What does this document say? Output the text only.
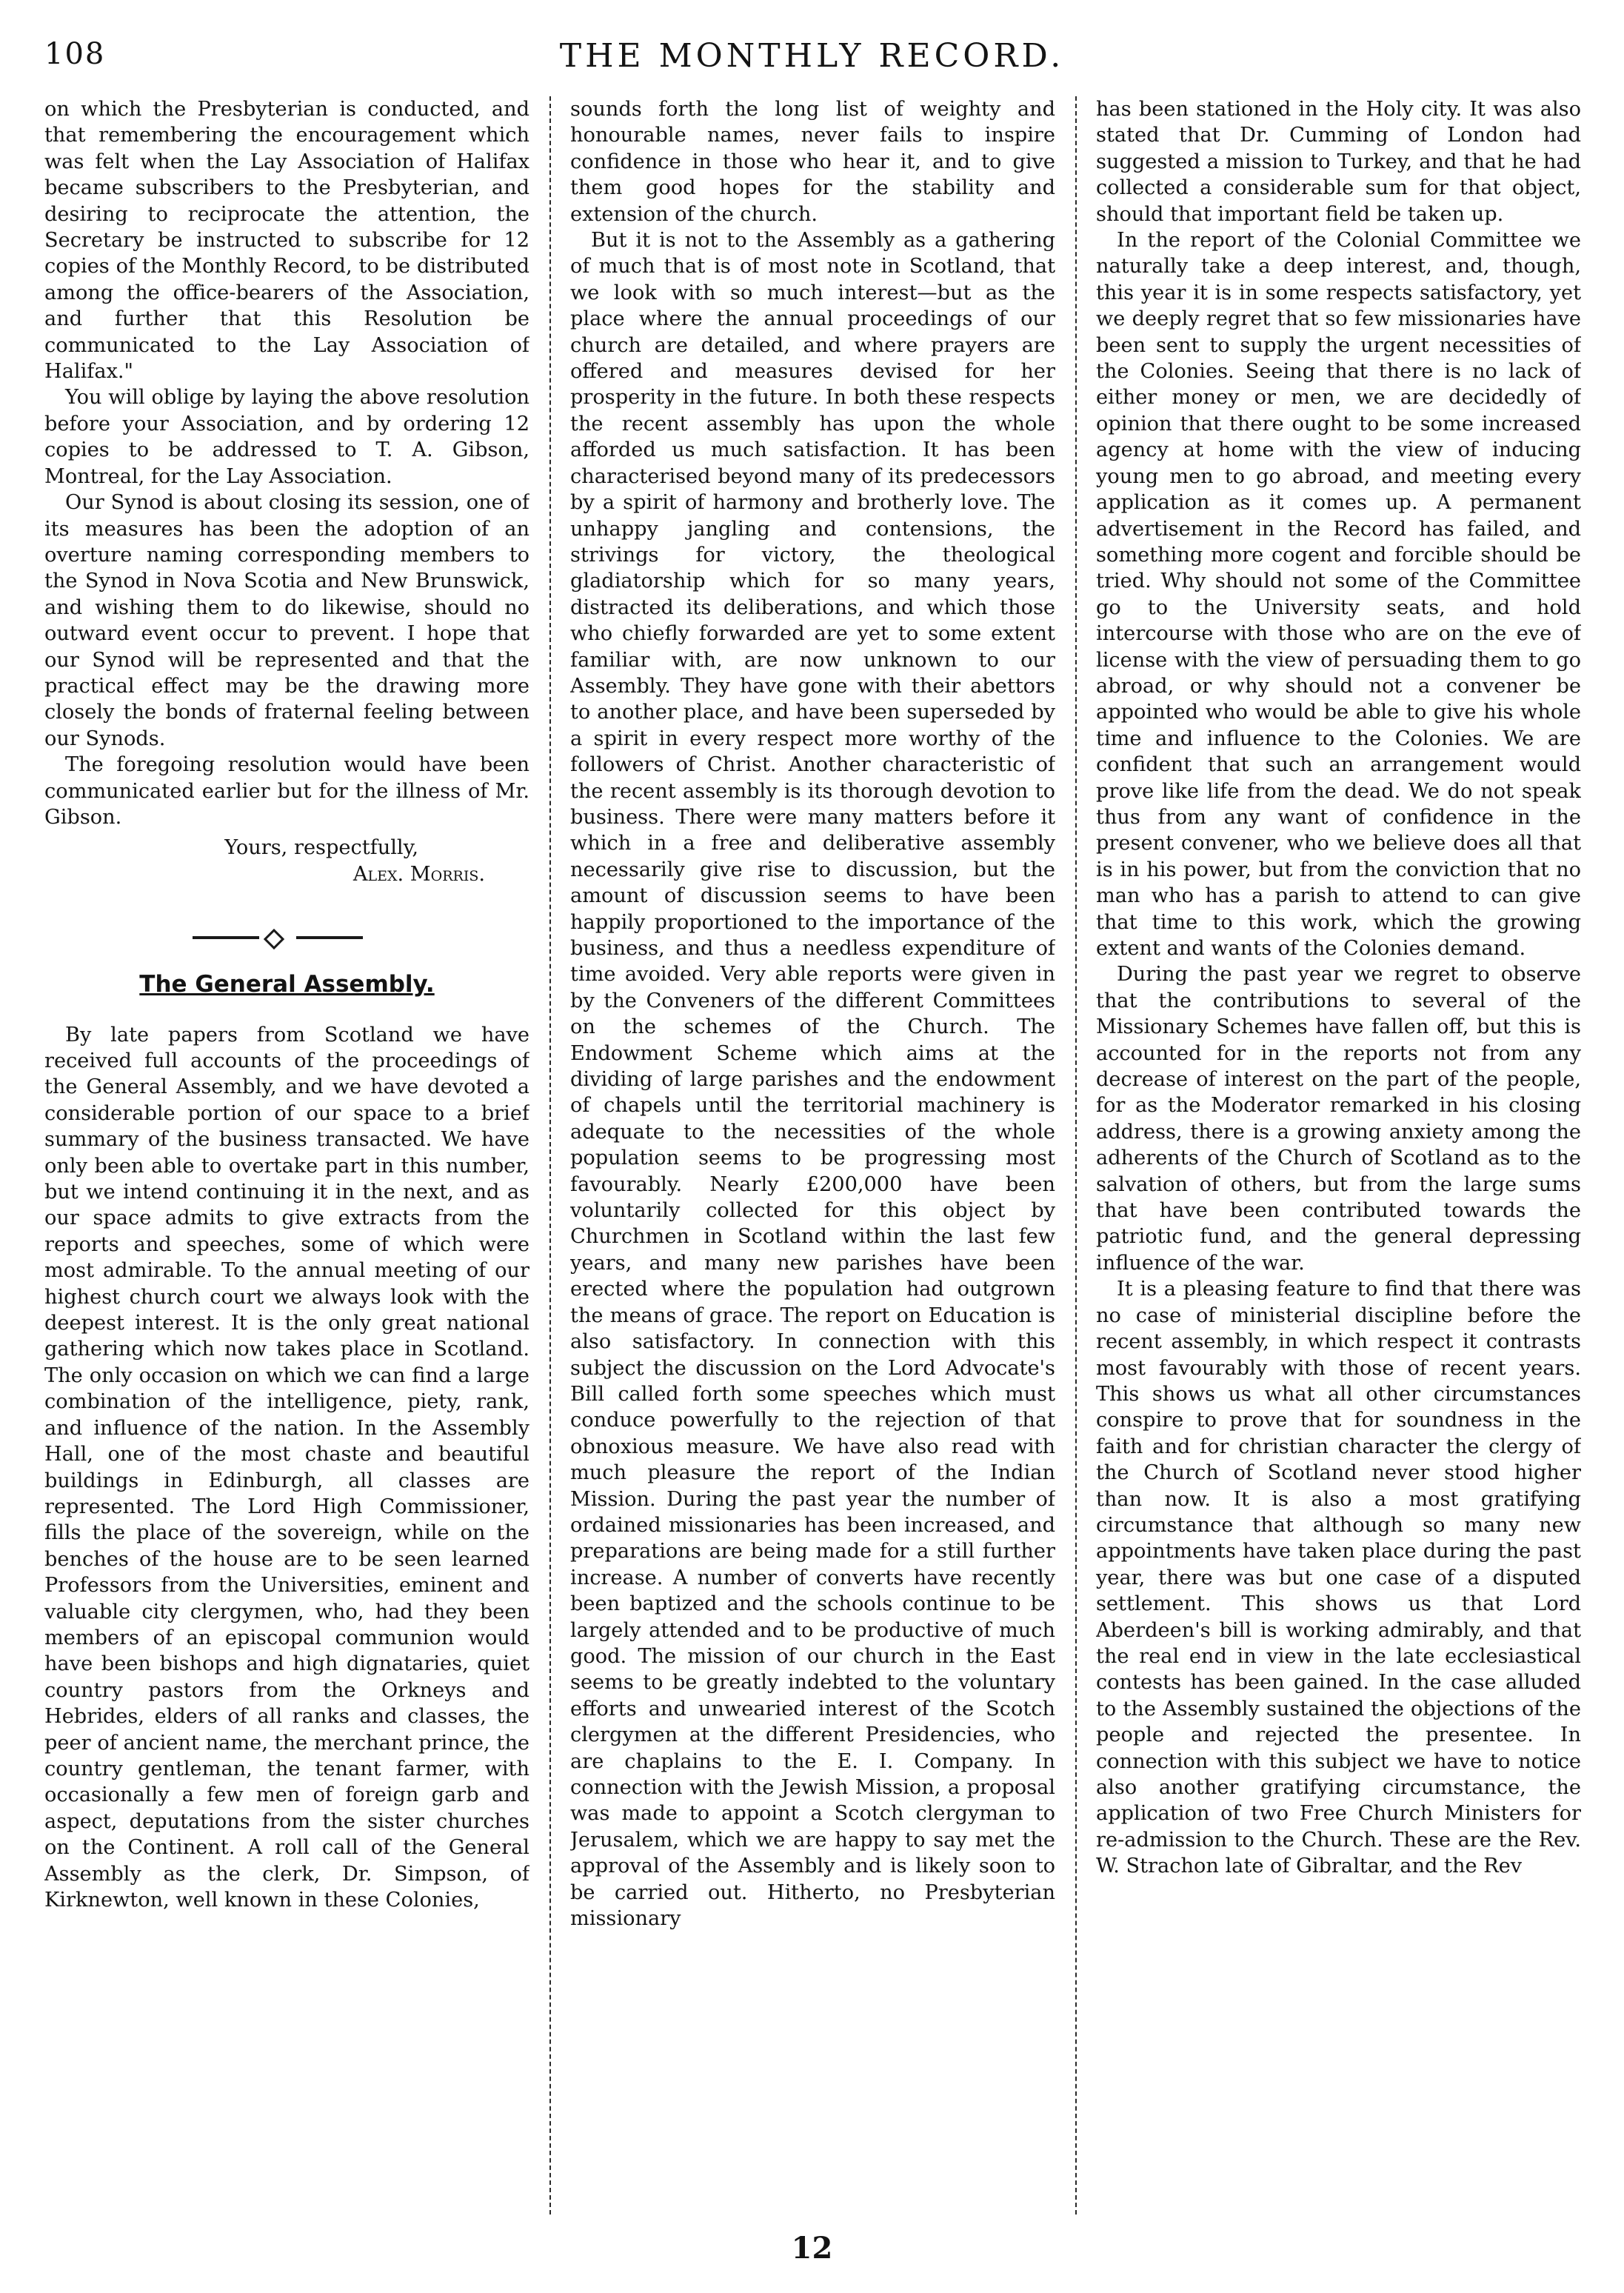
108	THE MONTHLY RECORD.

on which the Presbyterian is conducted, and that remembering the encouragement which was felt when the Lay Association of Halifax became subscribers to the Presbyterian, and desiring to reciprocate the attention, the Secretary be instructed to subscribe for 12 copies of the Monthly Record, to be distributed among the office-bearers of the Association, and further that this Resolution be communicated to the Lay Association of Halifax."

You will oblige by laying the above resolution before your Association, and by ordering 12 copies to be addressed to T. A. Gibson, Montreal, for the Lay Association.

Our Synod is about closing its session, one of its measures has been the adoption of an overture naming corresponding members to the Synod in Nova Scotia and New Brunswick, and wishing them to do likewise, should no outward event occur to prevent. I hope that our Synod will be represented and that the practical effect may be the drawing more closely the bonds of fraternal feeling between our Synods.

The foregoing resolution would have been communicated earlier but for the illness of Mr. Gibson.

Yours, respectfully,
Alex. Morris.
The General Assembly.

By late papers from Scotland we have received full accounts of the proceedings of the General Assembly, and we have devoted a considerable portion of our space to a brief summary of the business transacted. We have only been able to overtake part in this number, but we intend continuing it in the next, and as our space admits to give extracts from the reports and speeches, some of which were most admirable. To the annual meeting of our highest church court we always look with the deepest interest. It is the only great national gathering which now takes place in Scotland. The only occasion on which we can find a large combination of the intelligence, piety, rank, and influence of the nation. In the Assembly Hall, one of the most chaste and beautiful buildings in Edinburgh, all classes are represented. The Lord High Commissioner, fills the place of the sovereign, while on the benches of the house are to be seen learned Professors from the Universities, eminent and valuable city clergymen, who, had they been members of an episcopal communion would have been bishops and high dignataries, quiet country pastors from the Orkneys and Hebrides, elders of all ranks and classes, the peer of ancient name, the merchant prince, the country gentleman, the tenant farmer, with occasionally a few men of foreign garb and aspect, deputations from the sister churches on the Continent. A roll call of the General Assembly as the clerk, Dr. Simpson, of Kirknewton, well known in these Colonies,

sounds forth the long list of weighty and honourable names, never fails to inspire confidence in those who hear it, and to give them good hopes for the stability and extension of the church.

But it is not to the Assembly as a gathering of much that is of most note in Scotland, that we look with so much interest—but as the place where the annual proceedings of our church are detailed, and where prayers are offered and measures devised for her prosperity in the future. In both these respects the recent assembly has upon the whole afforded us much satisfaction. It has been characterised beyond many of its predecessors by a spirit of harmony and brotherly love. The unhappy jangling and contensions, the strivings for victory, the theological gladiatorship which for so many years, distracted its deliberations, and which those who chiefly forwarded are yet to some extent familiar with, are now unknown to our Assembly. They have gone with their abettors to another place, and have been superseded by a spirit in every respect more worthy of the followers of Christ. Another characteristic of the recent assembly is its thorough devotion to business. There were many matters before it which in a free and deliberative assembly necessarily give rise to discussion, but the amount of discussion seems to have been happily proportioned to the importance of the business, and thus a needless expenditure of time avoided. Very able reports were given in by the Conveners of the different Committees on the schemes of the Church. The Endowment Scheme which aims at the dividing of large parishes and the endowment of chapels until the territorial machinery is adequate to the necessities of the whole population seems to be progressing most favourably. Nearly £200,000 have been voluntarily collected for this object by Churchmen in Scotland within the last few years, and many new parishes have been erected where the population had outgrown the means of grace. The report on Education is also satisfactory. In connection with this subject the discussion on the Lord Advocate's Bill called forth some speeches which must conduce powerfully to the rejection of that obnoxious measure. We have also read with much pleasure the report of the Indian Mission. During the past year the number of ordained missionaries has been increased, and preparations are being made for a still further increase. A number of converts have recently been baptized and the schools continue to be largely attended and to be productive of much good. The mission of our church in the East seems to be greatly indebted to the voluntary efforts and unwearied interest of the Scotch clergymen at the different Presidencies, who are chaplains to the E. I. Company. In connection with the Jewish Mission, a proposal was made to appoint a Scotch clergyman to Jerusalem, which we are happy to say met the approval of the Assembly and is likely soon to be carried out. Hitherto, no Presbyterian missionary

has been stationed in the Holy city. It was also stated that Dr. Cumming of London had suggested a mission to Turkey, and that he had collected a considerable sum for that object, should that important field be taken up.

In the report of the Colonial Committee we naturally take a deep interest, and, though, this year it is in some respects satisfactory, yet we deeply regret that so few missionaries have been sent to supply the urgent necessities of the Colonies. Seeing that there is no lack of either money or men, we are decidedly of opinion that there ought to be some increased agency at home with the view of inducing young men to go abroad, and meeting every application as it comes up. A permanent advertisement in the Record has failed, and something more cogent and forcible should be tried. Why should not some of the Committee go to the University seats, and hold intercourse with those who are on the eve of license with the view of persuading them to go abroad, or why should not a convener be appointed who would be able to give his whole time and influence to the Colonies. We are confident that such an arrangement would prove like life from the dead. We do not speak thus from any want of confidence in the present convener, who we believe does all that is in his power, but from the conviction that no man who has a parish to attend to can give that time to this work, which the growing extent and wants of the Colonies demand.

During the past year we regret to observe that the contributions to several of the Missionary Schemes have fallen off, but this is accounted for in the reports not from any decrease of interest on the part of the people, for as the Moderator remarked in his closing address, there is a growing anxiety among the adherents of the Church of Scotland as to the salvation of others, but from the large sums that have been contributed towards the patriotic fund, and the general depressing influence of the war.

It is a pleasing feature to find that there was no case of ministerial discipline before the recent assembly, in which respect it contrasts most favourably with those of recent years. This shows us what all other circumstances conspire to prove that for soundness in the faith and for christian character the clergy of the Church of Scotland never stood higher than now. It is also a most gratifying circumstance that although so many new appointments have taken place during the past year, there was but one case of a disputed settlement. This shows us that Lord Aberdeen's bill is working admirably, and that the real end in view in the late ecclesiastical contests has been gained. In the case alluded to the Assembly sustained the objections of the people and rejected the presentee. In connection with this subject we have to notice also another gratifying circumstance, the application of two Free Church Ministers for re-admission to the Church. These are the Rev. W. Strachon late of Gibraltar, and the Rev

12
